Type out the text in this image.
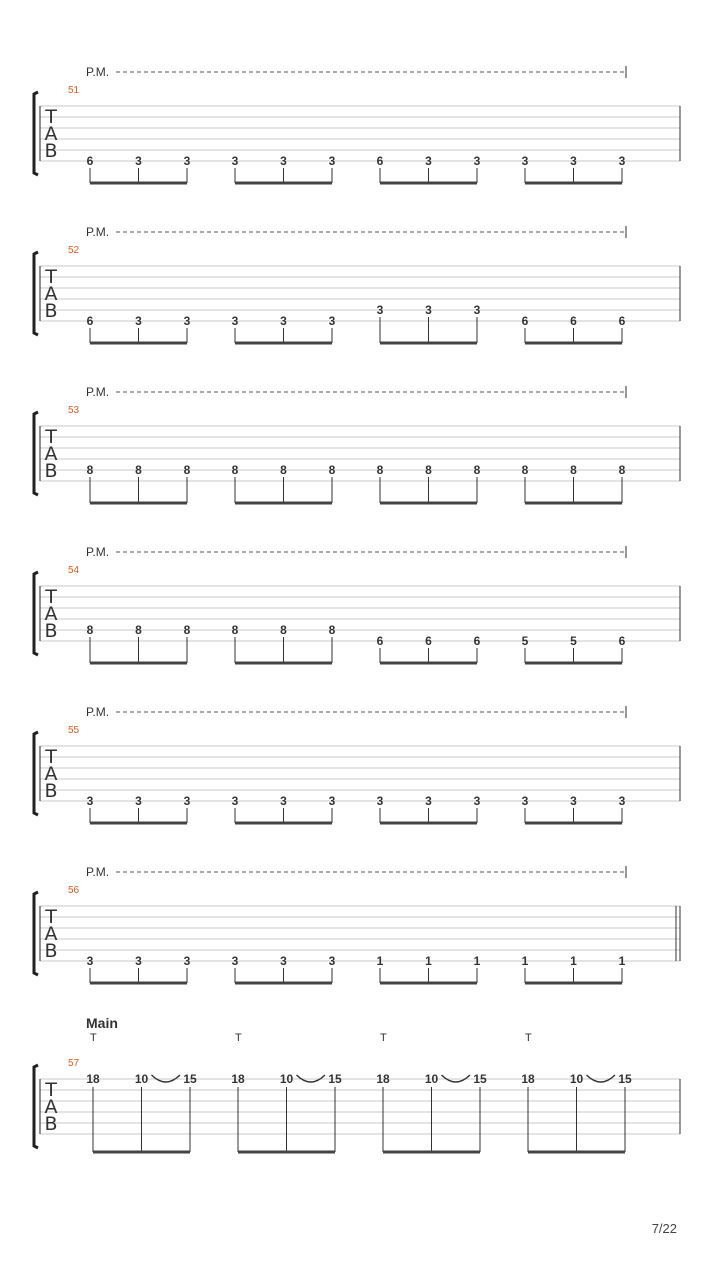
T
A
B
51
P.M.
6	3	3	3	3	3	6	3	3	3	3	3
T
A
B
52
P.M.
6	3	3	3	3	3
3	3	3
6	6	6
T
A
B
53
P.M.
8	8	8	8	8	8	8	8	8	8	8	8
T
A
B
54
P.M.
8	8	8	8	8	8
6	6	6	5	5	6
T
A
B
55
P.M.
3	3	3	3	3	3	3	3	3	3	3	3
T
A
B
56
P.M.
3	3	3	3	3	3	1	1	1	1	1	1
T
A
B
57
Main
T
18	10	15
T
18	10	15
T
18	10	15
T
18	10	15
7/22
